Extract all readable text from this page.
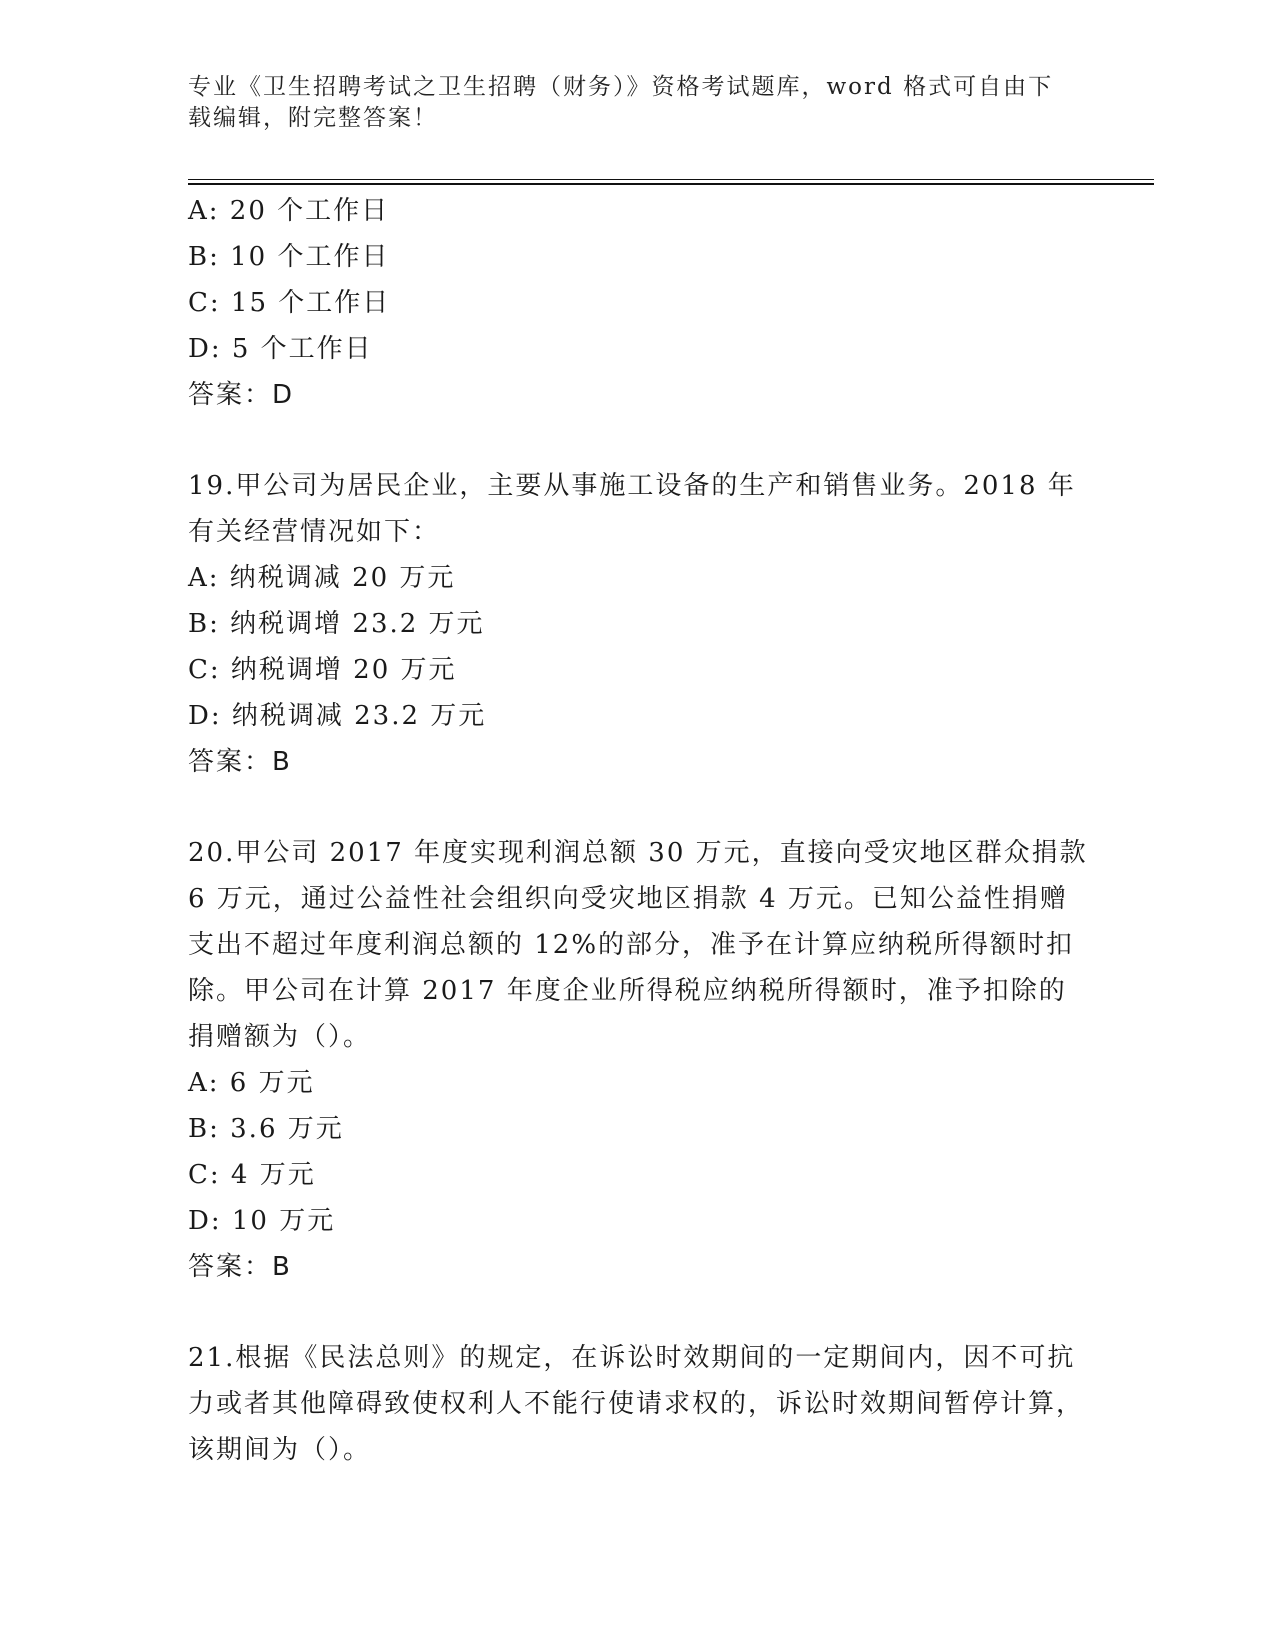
专业《卫生招聘考试之卫生招聘（财务）》资格考试题库，word 格式可自由下载编辑，附完整答案！
A: 20 个工作日
B: 10 个工作日
C: 15 个工作日
D: 5 个工作日
答案：D
19.甲公司为居民企业，主要从事施工设备的生产和销售业务。2018 年有关经营情况如下：
A: 纳税调减 20 万元
B: 纳税调增 23.2 万元
C: 纳税调增 20 万元
D: 纳税调减 23.2 万元
答案：B
20.甲公司 2017 年度实现利润总额 30 万元，直接向受灾地区群众捐款 6 万元，通过公益性社会组织向受灾地区捐款 4 万元。已知公益性捐赠支出不超过年度利润总额的 12%的部分，准予在计算应纳税所得额时扣除。甲公司在计算 2017 年度企业所得税应纳税所得额时，准予扣除的捐赠额为（）。
A: 6 万元
B: 3.6 万元
C: 4 万元
D: 10 万元
答案：B
21.根据《民法总则》的规定，在诉讼时效期间的一定期间内，因不可抗力或者其他障碍致使权利人不能行使请求权的，诉讼时效期间暂停计算，该期间为（）。
